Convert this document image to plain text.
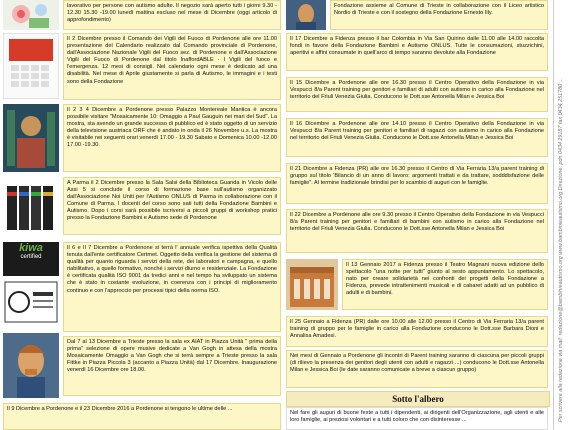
lavorativo per persone con autismo adulte. Il negozio sarà aperto tutti i giorni 9.30 - 12.30 15.30 -19.00 lunedì mattina escluso nel mese di Dicembre (oggi articolo di approfondimento)

Il 2 Dicembre presso il Comando dei Vigili del Fuoco di Pordenone alle ore 11.00 presentazione del Calendario realizzato dal Comando provinciale di Pordenone, dall'Associazione Nazionale Vigili del Fuoco sez. di Pordenone e dall'Associazione Vigili del Fuoco di Pordenone dal titolo InaffordABLE · I Vigili del fuoco e l'emergenza. 12 mesi di consigli. Nel calendario ogni mese è dedicato ad una disabilità. Nel mese di Aprile giustamente si parla di Autismo, le immagini e i testi sono della Fondazione

Il 2 3 4 Dicembre a Pordenone presso Palazzo Montereale Mantica è ancora possibile visitare "Mosaicamente 10: Omaggio a Paul Gauguin nei mari del Sud". La mostra, sta avendo un grande successo di pubblico ed è stato oggetto di un servizio della televisione austriaca ORF che è andato in onda il 26 Novembre u.s. La mostra è visitabile nei seguenti orari venerdì 17.00 - 19.30 Sabato e Domenica 10.00 -12.00 17.00 -19.30.

A Parma il 2 Dicembre presso la Sala Salsi della Biblioteca Guanda in Vicolo delle Assi 5 si conclude il corso di formazione base sull'autismo organizzato dall'Associazione Noi Uniti per l'Autismo ONLUS di Parma in collaborazione con il Comune di Parma. I docenti del corso sono sati tutti della Fondazione Bambini e Autismo. Dopo i corsi sarà possibile iscriversi a piccoli gruppi di workshop pratici presso la Fondazione Bambini e Autismo sede di Pordenone

Il 6 e Il 7 Dicembre a Pordenone si terrà l' annuale verifica ispettiva della Qualità tenuta dall'ente certificatore Certmet. Oggetto della verifica la gestione del sistema di qualità per quanto riguarda i servizi della rete, dei laboratori e campagna, e quello riabilitativo, a quello formativo, nonché i servizi diurno e residenziale. La Fondazione è certificata qualità ISO 9001 da tredici anni e nel tempo ha sviluppato un sistema che è stato in costante evoluzione, in coerenza con i principi di miglioramento continuo e con l'approccio per processi tipici della norma ISO.

kiwa
certified

Dal 7 al 13 Dicembre a Trieste presso la sala ex AIAT in Piazza Unità " prima della prima" selezione di opere musive dedicate a Van Gogh in attesa della mostra Mosaicamente Omaggio a Van Gogh che si terrà sempre a Trieste presso la sala Fittke in Piazza Piccola 3 (accanto a Piazza Unità) dal 17 Dicembre. Inaugurazione venerdì 16 Dicembre ore 18.00.

Il 9 Dicembre a Pordenone e il 23 Dicembre 2016 a Pordenone si tengono le ultime delle ...

Fondazione assieme al Comune di Trieste in collaborazione con il Liceo artistico Nordio di Trieste e con il sostegno della Fondazione Ernesto Illy.

Il 17 Dicembre a Fidenza presso il bar Colombia in Via San Quirino dalle 11.00 alle 14.00 raccolta fondi in favore della Fondazione Bambini e Autismo ONLUS. Tutte le consumazioni, stuzzichini, aperitivi e affini consumate in quell'arco di tempo saranno devolute alla Fondazione

Il 15 Dicembre a Pordenone alle ore 16.30 presso il Centro Operativo della Fondazione in via Vespucci 8/a Parent training per genitori e familiari di adulti con autismo in carico alla Fondazione nel territorio del Friuli Venezia Giulia. Conducono le Dott.sse Antonella Milan e Jessica Boi

Il 16 Dicembre a Pordenone alle ore 14.10 presso il Centro Operativo della Fondazione in via Vespucci 8/a Parent training per genitori e familiari di ragazzi con autismo in carico alla Fondazione nel territorio del Friuli Venezia Giulia. Conducono le Dott.sse Antonella Milan e Jessica Boi

Il 21 Dicembre a Fidenza (PR) alle ore 16.30 presso il Centro di Via Ferraria 13/a parent training di gruppo sul titolo 'Bilancio di un anno di lavoro: argomenti trattati e da trattare, sodddisfazione delle famiglie". Al termine tradizionale brindisi per lo scambio di auguri con le famiglie.

Il 22 Dicembre a Pordenone alle ore 9.30 presso il Centro Operativo della Fondazione in via Vespucci 8/a Parent training per genitori e familiari di bambini con autismo in carico alla Fondazione nel territorio del Friuli Venezia Giulia. Conducono le Dott.sse Antonella Milan e Jessica Boi

Il 13 Gennaio 2017 a Fidenza presso il Teatro Magnani nuova edizione dello spettacolo "una notte per tutti" giunto al sesto appuntamento. Lo spettacolo, nato per creare solidarietà nei confronti dei progetti della Fondazione a Fidenza, prevede intrattenimenti musicali e di cabaret adatti ad un pubblico di adulti e di bambini.

Il 25 Gennaio a Fidenza (PR) dalle ore 10.00 alle 12.00 presso il Centro di Via Ferraria 13/a parent training di gruppo per le famiglie in carico alla Fondazione conducono le Dott.sse Barbara Dioni e Annalisa Amadesi.

Nei mesi di Gennaio a Pordenone gli incontri di Parent training saranno di ciascuna per piccoli gruppi (di rilievo la presenza dei genitori degli utenti con adulti e ragazzi ...) conducono le Dott.sse Antonella Milan e Jessica Boi (le date saranno comunicate a breve a ciascun gruppo)

Sotto l'albero

Nel fare gli auguri di buone feste a tutti i dipendenti, ai dirigenti dell'Organizzazione, agli utenti e alle loro famiglie, ai preziosi volontari e a tutti coloro che con disinteresse ...	Per scrivere alla redazione via mail: redazione@bambinieautismo.org www.bambinieautismo.org Direzione: pdn 0434 29187 fax 0434 251780 ...
